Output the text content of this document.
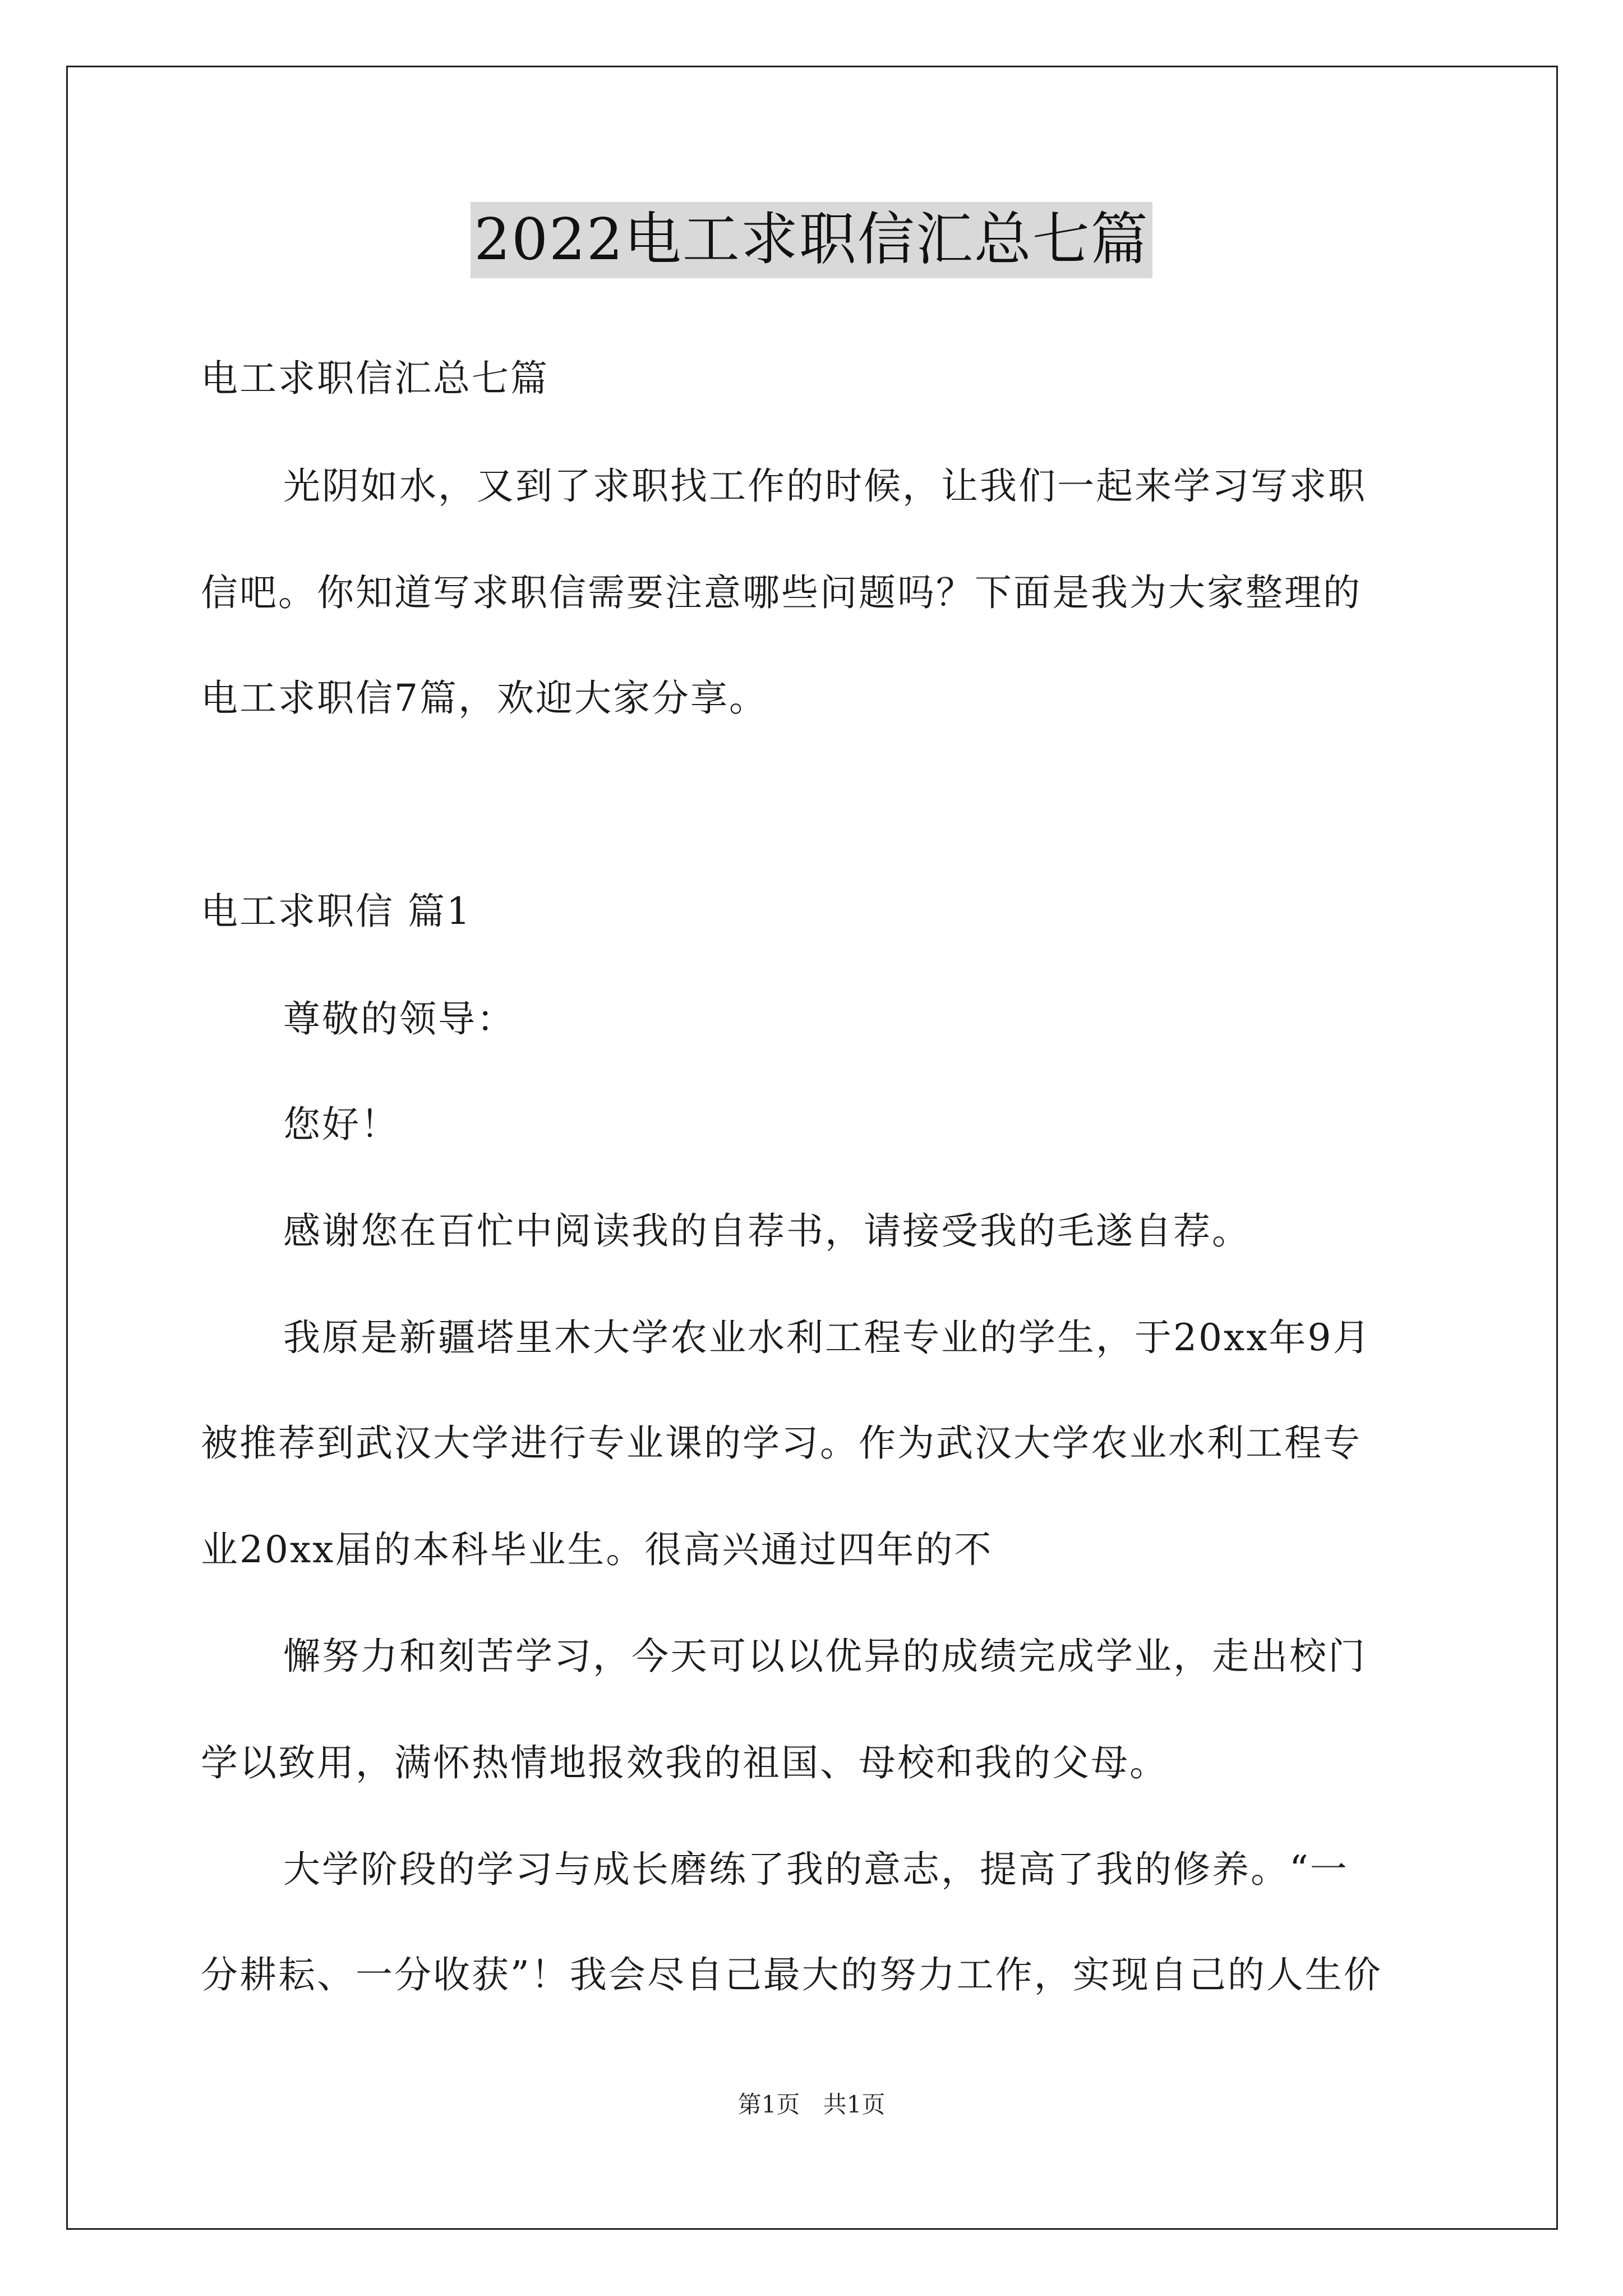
2022电工求职信汇总七篇
电工求职信汇总七篇
光阴如水，又到了求职找工作的时候，让我们一起来学习写求职
信吧。你知道写求职信需要注意哪些问题吗？下面是我为大家整理的
电工求职信7篇，欢迎大家分享。
电工求职信 篇1
尊敬的领导：
您好！
感谢您在百忙中阅读我的自荐书，请接受我的毛遂自荐。
我原是新疆塔里木大学农业水利工程专业的学生，于20xx年9月
被推荐到武汉大学进行专业课的学习。作为武汉大学农业水利工程专
业20xx届的本科毕业生。很高兴通过四年的不
懈努力和刻苦学习，今天可以以优异的成绩完成学业，走出校门
学以致用，满怀热情地报效我的祖国、母校和我的父母。
大学阶段的学习与成长磨练了我的意志，提高了我的修养。“一
分耕耘、一分收获”！我会尽自己最大的努力工作，实现自己的人生价
第1页 共1页
